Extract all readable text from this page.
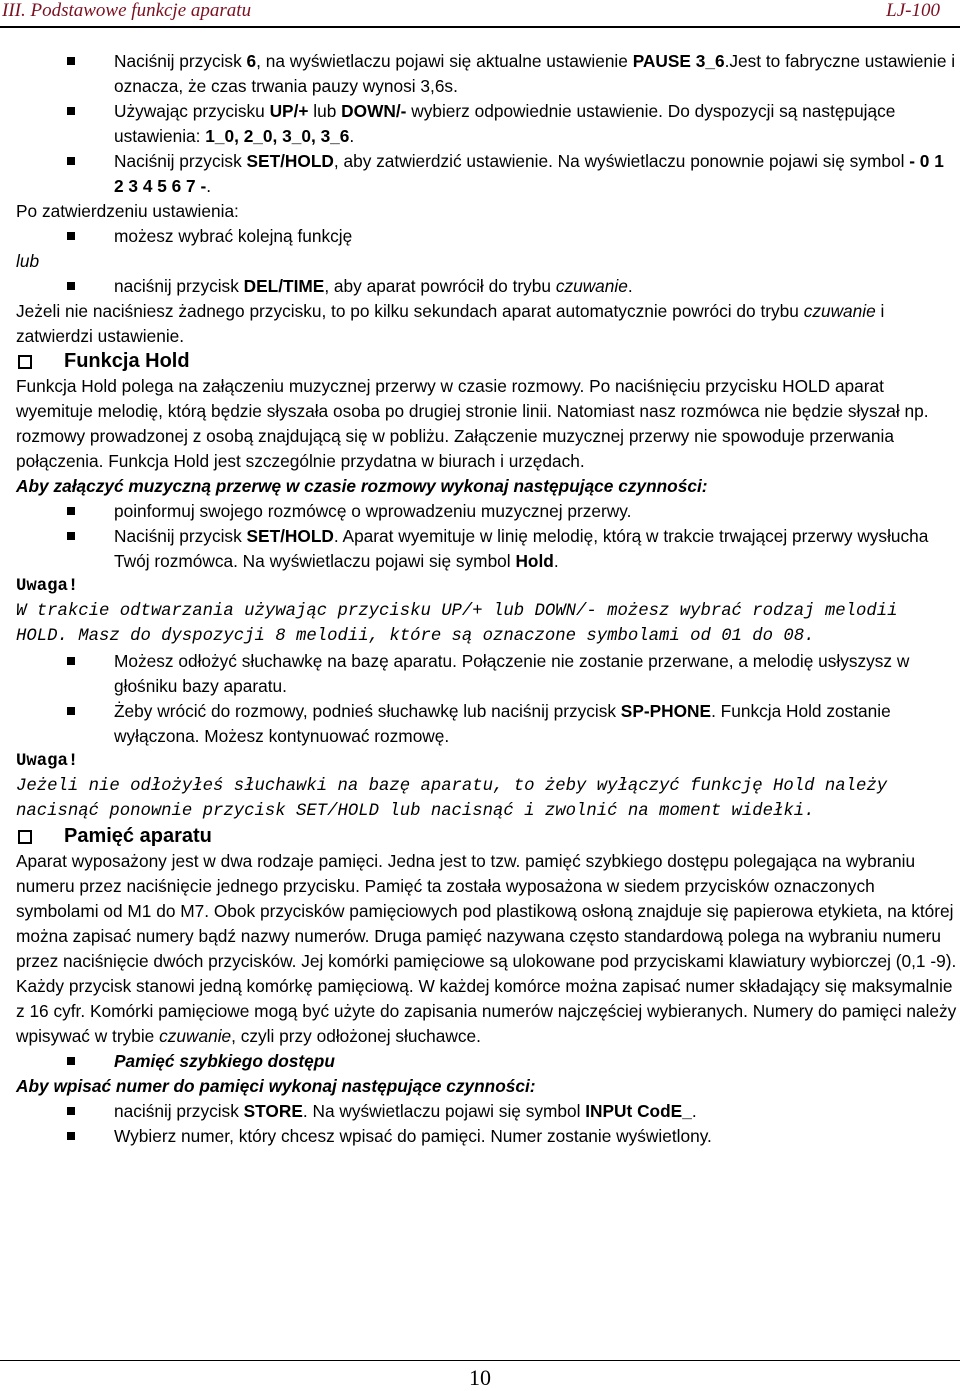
III. Podstawowe funkcje aparatu	LJ-100

Naciśnij przycisk 6, na wyświetlaczu pojawi się aktualne ustawienie PAUSE 3_6.Jest to fabryczne ustawienie i oznacza, że czas trwania pauzy wynosi 3,6s.

Używając przycisku UP/+ lub DOWN/- wybierz odpowiednie ustawienie. Do dyspozycji są następujące ustawienia: 1_0, 2_0, 3_0, 3_6.

Naciśnij przycisk SET/HOLD, aby zatwierdzić ustawienie. Na wyświetlaczu ponownie pojawi się symbol - 0 1 2 3 4 5 6 7 -.

Po zatwierdzeniu ustawienia:

możesz wybrać kolejną funkcję

lub

naciśnij przycisk DEL/TIME, aby aparat powrócił do trybu czuwanie.

Jeżeli nie naciśniesz żadnego przycisku, to po kilku sekundach aparat automatycznie powróci do trybu czuwanie i zatwierdzi ustawienie.

Funkcja Hold

Funkcja Hold polega na załączeniu muzycznej przerwy w czasie rozmowy. Po naciśnięciu przycisku HOLD aparat wyemituje melodię, którą będzie słyszała osoba po drugiej stronie linii. Natomiast nasz rozmówca nie będzie słyszał np. rozmowy prowadzonej z osobą znajdującą się w pobliżu. Załączenie muzycznej przerwy nie spowoduje przerwania połączenia. Funkcja Hold jest szczególnie przydatna w biurach i urzędach.

Aby załączyć muzyczną przerwę w czasie rozmowy wykonaj następujące czynności:

poinformuj swojego rozmówcę o wprowadzeniu muzycznej przerwy.

Naciśnij przycisk SET/HOLD. Aparat wyemituje w linię melodię, którą w trakcie trwającej przerwy wysłucha Twój rozmówca. Na wyświetlaczu pojawi się symbol Hold.

Uwaga!

W trakcie odtwarzania używając przycisku UP/+ lub DOWN/- możesz wybrać rodzaj melodii HOLD. Masz do dyspozycji 8 melodii, które są oznaczone symbolami od 01 do 08.

Możesz odłożyć słuchawkę na bazę aparatu. Połączenie nie zostanie przerwane, a melodię usłyszysz w głośniku bazy aparatu.

Żeby wrócić do rozmowy, podnieś słuchawkę lub naciśnij przycisk SP-PHONE. Funkcja Hold zostanie wyłączona. Możesz kontynuować rozmowę.

Uwaga!

Jeżeli nie odłożyłeś słuchawki na bazę aparatu, to żeby wyłączyć funkcję Hold należy nacisnąć ponownie przycisk SET/HOLD lub nacisnąć i zwolnić na moment widełki.

Pamięć aparatu

Aparat wyposażony jest w dwa rodzaje pamięci. Jedna jest to tzw. pamięć szybkiego dostępu polegająca na wybraniu numeru przez naciśnięcie jednego przycisku. Pamięć ta została wyposażona w siedem przycisków oznaczonych symbolami od M1 do M7. Obok przycisków pamięciowych pod plastikową osłoną znajduje się papierowa etykieta, na której można zapisać numery bądź nazwy numerów. Druga pamięć nazywana często standardową polega na wybraniu numeru przez naciśnięcie dwóch przycisków. Jej komórki pamięciowe są ulokowane pod przyciskami klawiatury wybiorczej (0,1 -9). Każdy przycisk stanowi jedną komórkę pamięciową. W każdej komórce można zapisać numer składający się maksymalnie z 16 cyfr. Komórki pamięciowe mogą być użyte do zapisania numerów najczęściej wybieranych. Numery do pamięci należy wpisywać w trybie czuwanie, czyli przy odłożonej słuchawce.

Pamięć szybkiego dostępu

Aby wpisać numer do pamięci wykonaj następujące czynności:

naciśnij przycisk STORE. Na wyświetlaczu pojawi się symbol INPUt CodE_.

Wybierz numer, który chcesz wpisać do pamięci. Numer zostanie wyświetlony.

10
